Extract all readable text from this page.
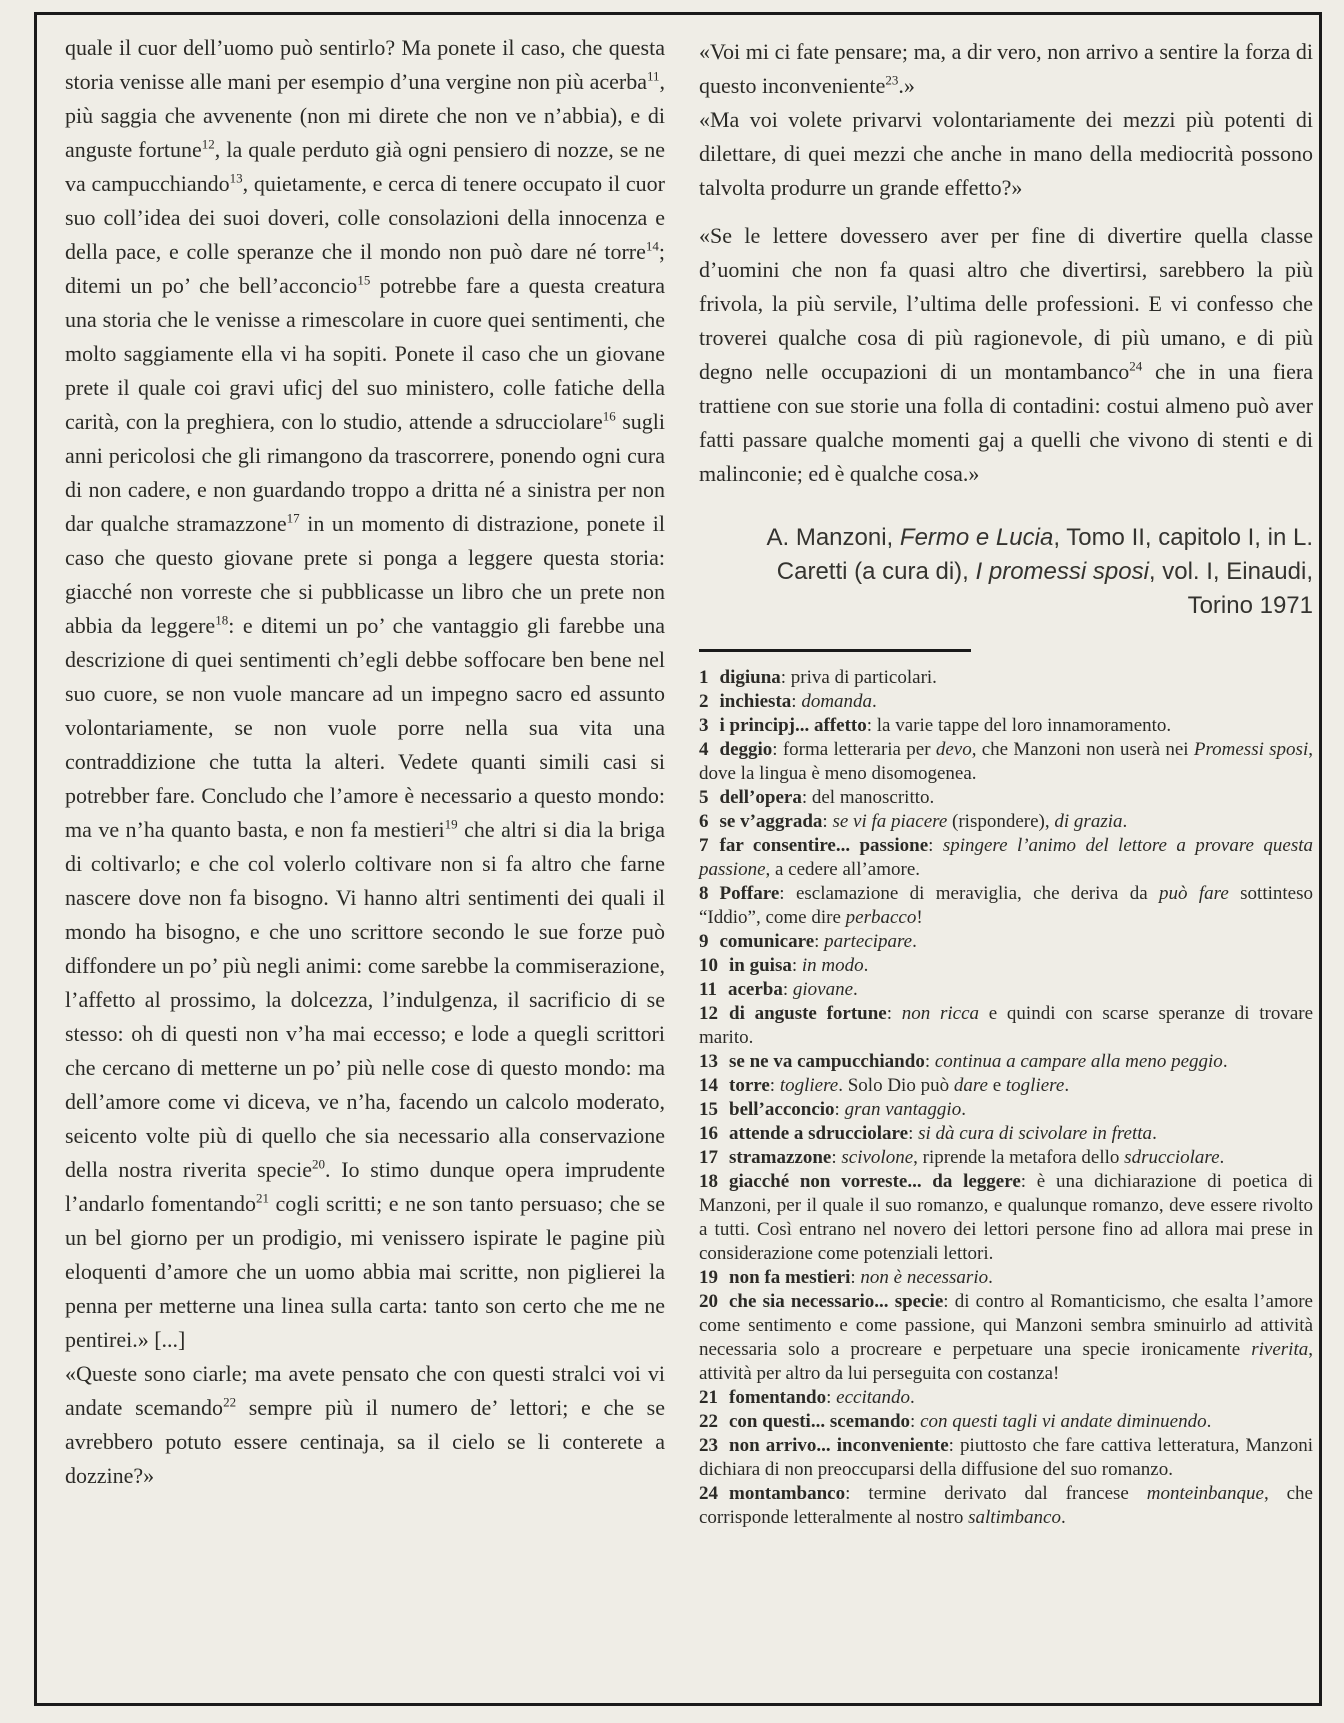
quale il cuor dell’uomo può sentirlo? Ma ponete il caso, che questa storia venisse alle mani per esempio d’una vergine non più acerba$^{11}$, più saggia che avvenente (non mi direte che non ve n’abbia), e di anguste fortune$^{12}$, la quale perduto già ogni pensiero di nozze, se ne va campucchiando$^{13}$, quietamente, e cerca di tenere occupato il cuor suo coll’idea dei suoi doveri, colle consolazioni della innocenza e della pace, e colle speranze che il mondo non può dare né torre$^{14}$; ditemi un po’ che bell’acconcio$^{15}$ potrebbe fare a questa creatura una storia che le venisse a rimescolare in cuore quei sentimenti, che molto saggiamente ella vi ha sopiti. Ponete il caso che un giovane prete il quale coi gravi uficj del suo ministero, colle fatiche della carità, con la preghiera, con lo studio, attende a sdrucciolare$^{16}$ sugli anni pericolosi che gli rimangono da trascorrere, ponendo ogni cura di non cadere, e non guardando troppo a dritta né a sinistra per non dar qualche stramazzone$^{17}$ in un momento di distrazione, ponete il caso che questo giovane prete si ponga a leggere questa storia: giacché non vorreste che si pubblicasse un libro che un prete non abbia da leggere$^{18}$: e ditemi un po’ che vantaggio gli farebbe una descrizione di quei sentimenti ch’egli debbe soffocare ben bene nel suo cuore, se non vuole mancare ad un impegno sacro ed assunto volontariamente, se non vuole porre nella sua vita una contraddizione che tutta la alteri. Vedete quanti simili casi si potrebber fare. Concludo che l’amore è necessario a questo mondo: ma ve n’ha quanto basta, e non fa mestieri$^{19}$ che altri si dia la briga di coltivarlo; e che col volerlo coltivare non si fa altro che farne nascere dove non fa bisogno. Vi hanno altri sentimenti dei quali il mondo ha bisogno, e che uno scrittore secondo le sue forze può diffondere un po’ più negli animi: come sarebbe la commiserazione, l’affetto al prossimo, la dolcezza, l’indulgenza, il sacrificio di se stesso: oh di questi non v’ha mai eccesso; e lode a quegli scrittori che cercano di metterne un po’ più nelle cose di questo mondo: ma dell’amore come vi diceva, ve n’ha, facendo un calcolo moderato, seicento volte più di quello che sia necessario alla conservazione della nostra riverita specie$^{20}$. Io stimo dunque opera imprudente l’andarlo fomentando$^{21}$ cogli scritti; e ne son tanto persuaso; che se un bel giorno per un prodigio, mi venissero ispirate le pagine più eloquenti d’amore che un uomo abbia mai scritte, non piglierei la penna per metterne una linea sulla carta: tanto son certo che me ne pentirei.» [...]

«Queste sono ciarle; ma avete pensato che con questi stralci voi vi andate scemando$^{22}$ sempre più il numero de’ lettori; e che se avrebbero potuto essere centinaja, sa il cielo se li conterete a dozzine?»

«Voi mi ci fate pensare; ma, a dir vero, non arrivo a sentire la forza di questo inconveniente$^{23}$.»

«Ma voi volete privarvi volontariamente dei mezzi più potenti di dilettare, di quei mezzi che anche in mano della mediocrità possono talvolta produrre un grande effetto?»

«Se le lettere dovessero aver per fine di divertire quella classe d’uomini che non fa quasi altro che divertirsi, sarebbero la più frivola, la più servile, l’ultima delle professioni. E vi confesso che troverei qualche cosa di più ragionevole, di più umano, e di più degno nelle occupazioni di un montambanco$^{24}$ che in una fiera trattiene con sue storie una folla di contadini: costui almeno può aver fatti passare qualche momenti gaj a quelli che vivono di stenti e di malinconie; ed è qualche cosa.»

A. Manzoni, Fermo e Lucia, Tomo II, capitolo I, in L. Caretti (a cura di), I promessi sposi, vol. I, Einaudi, Torino 1971

1 digiuna: priva di particolari.

2 inchiesta: domanda.

3 i principj... affetto: la varie tappe del loro innamoramento.

4 deggio: forma letteraria per devo, che Manzoni non userà nei Promessi sposi, dove la lingua è meno disomogenea.

5 dell’opera: del manoscritto.

6 se v’aggrada: se vi fa piacere (rispondere), di grazia.

7 far consentire... passione: spingere l’animo del lettore a provare questa passione, a cedere all’amore.

8 Poffare: esclamazione di meraviglia, che deriva da può fare sottinteso “Iddio”, come dire perbacco!

9 comunicare: partecipare.

10 in guisa: in modo.

11 acerba: giovane.

12 di anguste fortune: non ricca e quindi con scarse speranze di trovare marito.

13 se ne va campucchiando: continua a campare alla meno peggio.

14 torre: togliere. Solo Dio può dare e togliere.

15 bell’acconcio: gran vantaggio.

16 attende a sdrucciolare: si dà cura di scivolare in fretta.

17 stramazzone: scivolone, riprende la metafora dello sdrucciolare.

18 giacché non vorreste... da leggere: è una dichiarazione di poetica di Manzoni, per il quale il suo romanzo, e qualunque romanzo, deve essere rivolto a tutti. Così entrano nel novero dei lettori persone fino ad allora mai prese in considerazione come potenziali lettori.

19 non fa mestieri: non è necessario.

20 che sia necessario... specie: di contro al Romanticismo, che esalta l’amore come sentimento e come passione, qui Manzoni sembra sminuirlo ad attività necessaria solo a procreare e perpetuare una specie ironicamente riverita, attività per altro da lui perseguita con costanza!

21 fomentando: eccitando.

22 con questi... scemando: con questi tagli vi andate diminuendo.

23 non arrivo... inconveniente: piuttosto che fare cattiva letteratura, Manzoni dichiara di non preoccuparsi della diffusione del suo romanzo.

24 montambanco: termine derivato dal francese monteinbanque, che corrisponde letteralmente al nostro saltimbanco.
